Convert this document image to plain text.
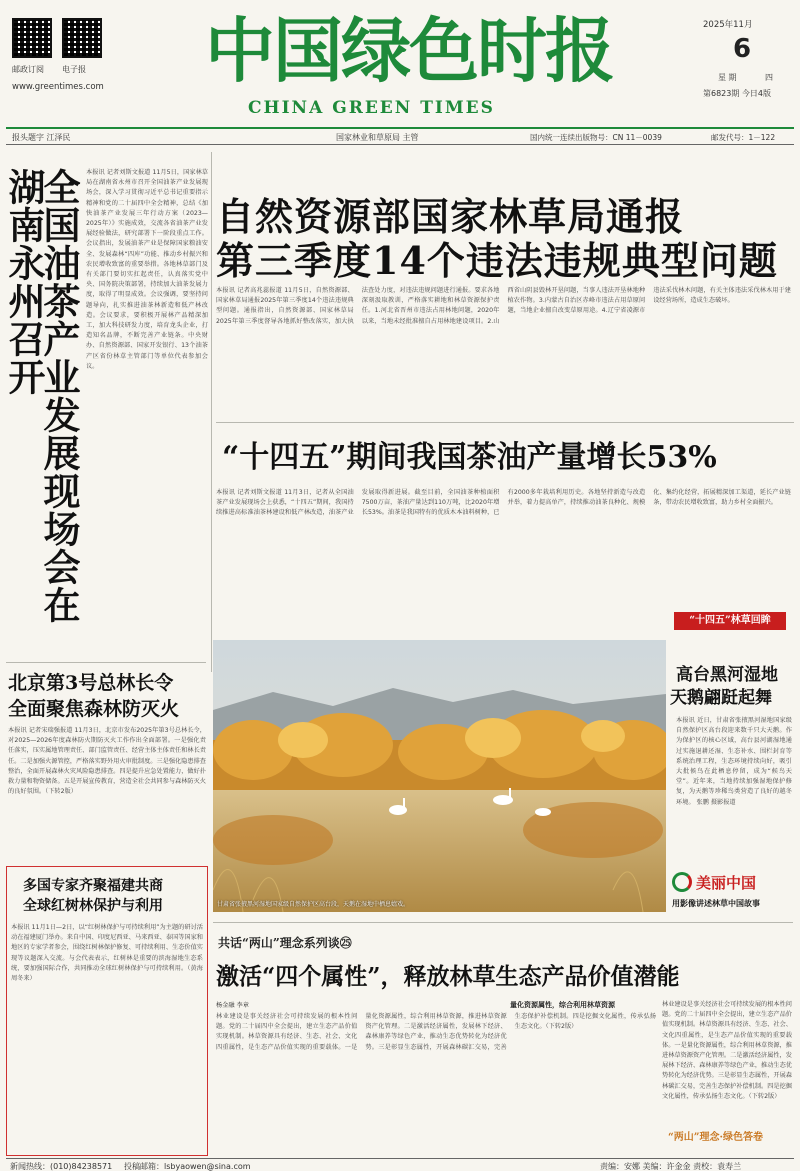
邮政订阅 电子报
www.greentimes.com 中国绿色时报
CHINA GREEN TIMES
2025年11月
6
星 期	四
第6823期 今日4版
报头题字 江泽民	国家林业和草原局 主管	国内统一连续出版物号：CN 11－0039	邮发代号：1－122
全国油茶产业发展现场会在湖南永州召开	本报讯 记者刘斯文报道 11月5日，国家林草局在湖南省永州市召开全国油茶产业发展现场会，深入学习贯彻习近平总书记重要指示精神和党的二十届四中全会精神，总结《加快油茶产业发展三年行动方案（2023—2025年）》实施成效，交流各省油茶产业发展经验做法，研究部署下一阶段重点工作。会议指出，发展油茶产业是保障国家粮油安全、发展森林“四库”功能、推动乡村振兴和农民增收致富的重要举措。各地林草部门及有关部门要切实扛起责任，认真落实党中央、国务院决策部署，持续加大油茶发展力度，取得了明显成效。会议强调，要坚持问题导向，扎实推进油茶林新造和低产林改造。会议要求，要积极开展林产品精深加工，加大科技研发力度，培育龙头企业，打造知名品牌，不断完善产业链条。中央财办、自然资源部、国家开发银行、13个油茶产区省份林草主管部门等单位代表参加会议。
自然资源部国家林草局通报
第三季度14个违法违规典型问题
本报讯 记者高兆蕊报道 11月5日，自然资源部、国家林草局通报2025年第三季度14个违法违规典型问题。通报指出，自然资源部、国家林草局2025年第三季度督导各地抓好整改落实，加大执法查处力度，对违法违规问题进行通报。要求各地深刻汲取教训，严格落实耕地和林草资源保护责任。1.河北省晋州市违法占用林地问题，2020年以来，当地未经批准擅自占用林地建设项目。2.山西省山阴县毁林开垦问题，当事人违法开垦林地种植农作物。3.内蒙古自治区赤峰市违法占用草原问题，当地企业擅自改变草原用途。4.辽宁省凌源市违法采伐林木问题，有关主体违法采伐林木用于建设经营场所，造成生态破坏。
“十四五”期间我国茶油产量增长53%
本报讯 记者刘斯文报道 11月3日，记者从全国油茶产业发展现场会上获悉，“十四五”期间，我国持续推进高标准油茶林建设和低产林改造，油茶产业发展取得新进展。截至目前，全国油茶种植面积7500万亩，茶油产量达到110万吨，比2020年增长53%。油茶是我国特有的优质木本油料树种，已有2000多年栽培利用历史。各地坚持新造与改造并举，着力提高单产，持续推动油茶良种化、规模化、集约化经营，拓展精深加工渠道，延长产业链条，带动农民增收致富，助力乡村全面振兴。
“十四五”林草回眸
甘肃省张掖黑河湿地国家级自然保护区高台段，天鹅在湿地中栖息嬉戏。
高台黑河湿地
天鹅翩跹起舞
本报讯 近日，甘肃省张掖黑河湿地国家级自然保护区高台段迎来数千只大天鹅。作为保护区的核心区域，高台县河湖湿地通过实施退耕还湿、生态补水、围栏封育等系统治理工程，生态环境持续向好，吸引大批候鸟在此栖息停留，成为“候鸟天堂”。近年来，当地持续加强湿地保护修复，为天鹅等珍稀鸟类营造了良好的越冬环境。 张鹏 摄影报道
美丽中国
用影像讲述林草中国故事
北京第3号总林长令
全面聚焦森林防灭火
本报讯 记者宋瑞强报道 11月3日，北京市发布2025年第3号总林长令，对2025—2026年度森林防火期防灭火工作作出全面部署。一是强化责任落实，压实属地管理责任、部门监管责任、经营主体主体责任和林长责任。二是加强火源管控，严格落实野外用火审批制度。三是强化隐患排查整治，全面开展森林火灾风险隐患排查。四是提升应急处置能力，做好扑救力量和物资储备。五是开展宣传教育，营造全社会共同参与森林防灭火的良好氛围。（下转2版）
多国专家齐聚福建共商
全球红树林保护与利用
本报讯 11月1日—2日，以“红树林保护与可持续利用”为主题的研讨活动在福建厦门举办。来自中国、印度尼西亚、马来西亚、泰国等国家和地区的专家学者参会，围绕红树林保护修复、可持续利用、生态价值实现等议题深入交流。与会代表表示，红树林是重要的滨海湿地生态系统，要加强国际合作，共同推动全球红树林保护与可持续利用。（黄海 周冬来）
共话“两山”理念系列谈㉕
激活“四个属性”，释放林草生态产品价值潜能
杨金融 李章
林业建设是事关经济社会可持续发展的根本性问题。党的二十届四中全会提出，建立生态产品价值实现机制。林草资源具有经济、生态、社会、文化四重属性，是生态产品价值实现的重要载体。一是量化资源属性，综合利用林草资源，推进林草资源资产化管理。二是激活经济属性，发展林下经济、森林康养等绿色产业，推动生态优势转化为经济优势。三是彰显生态属性，开展森林碳汇交易，完善生态保护补偿机制。四是挖掘文化属性，传承弘扬生态文化。（下转2版）
量化资源属性，综合利用林草资源	林业建设是事关经济社会可持续发展的根本性问题。党的二十届四中全会提出，建立生态产品价值实现机制。林草资源具有经济、生态、社会、文化四重属性，是生态产品价值实现的重要载体。一是量化资源属性，综合利用林草资源，推进林草资源资产化管理。二是激活经济属性，发展林下经济、森林康养等绿色产业，推动生态优势转化为经济优势。三是彰显生态属性，开展森林碳汇交易，完善生态保护补偿机制。四是挖掘文化属性，传承弘扬生态文化。（下转2版）
“两山”理念·绿色答卷
新闻热线：(010)84238571 投稿邮箱：lsbyaowen@sina.com	责编：安娜 美编：许金金 责校：袁寿兰
